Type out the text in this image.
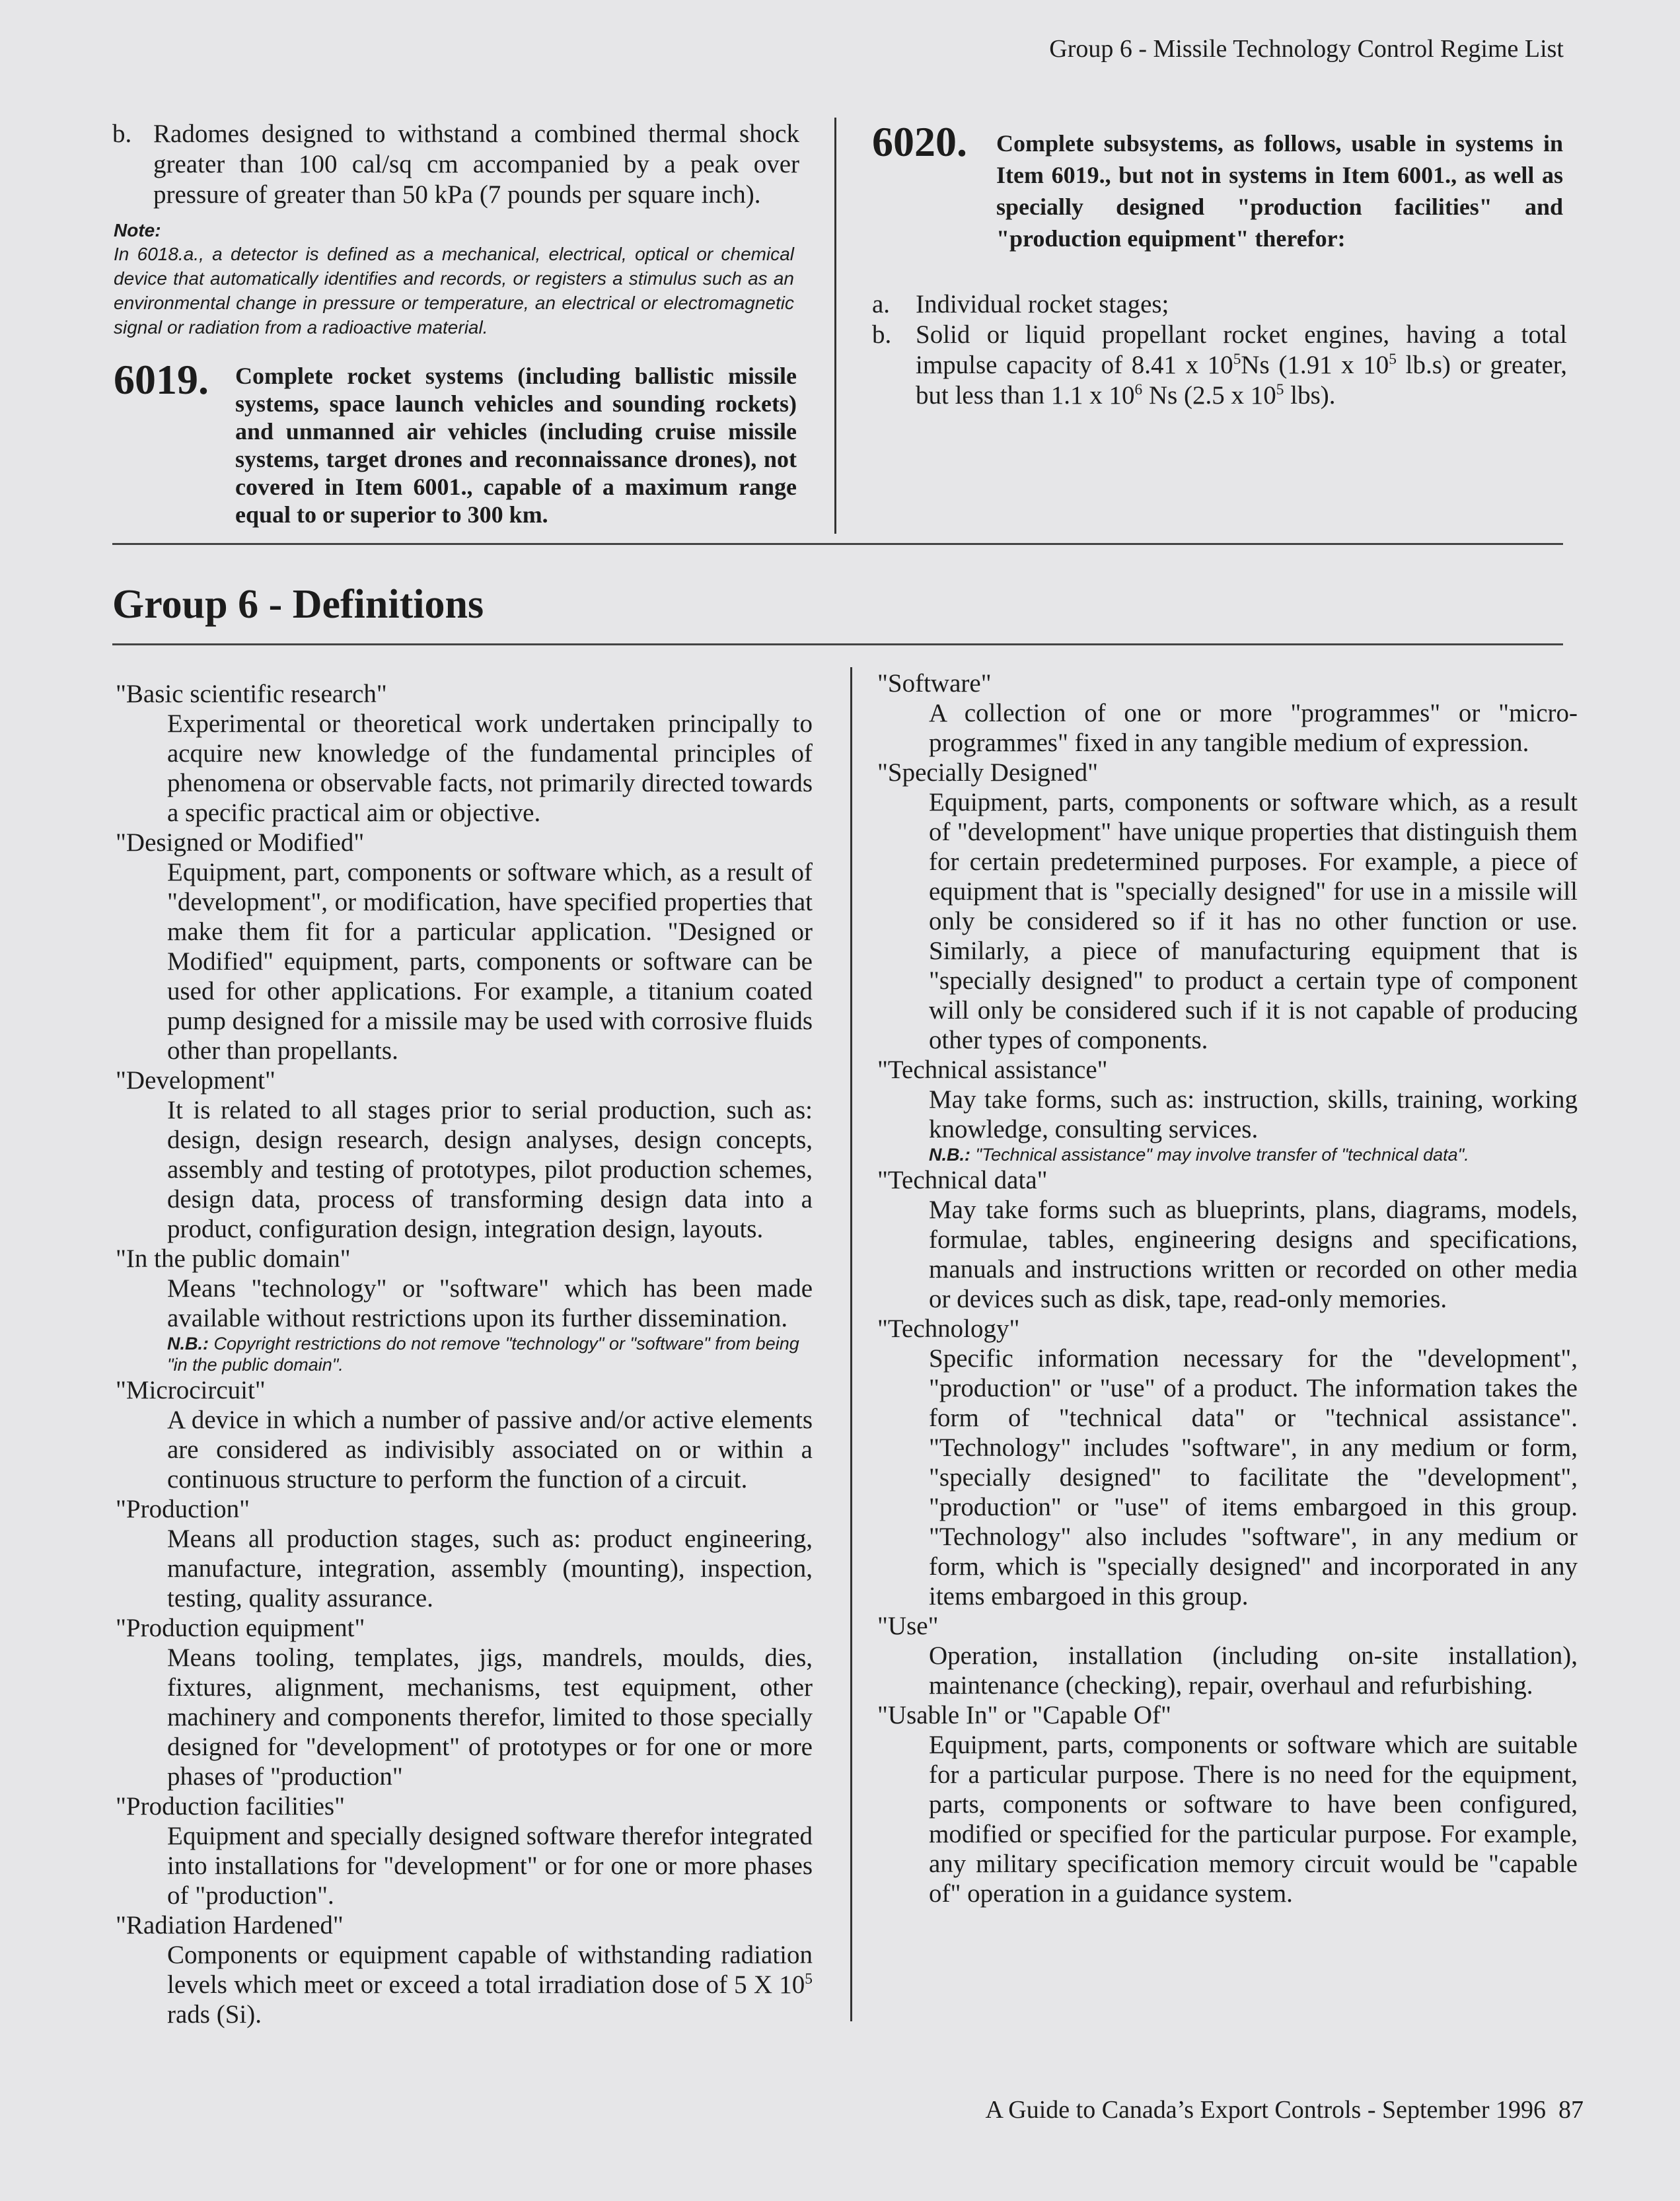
Group 6 - Missile Technology Control Regime List
b. Radomes designed to withstand a combined thermal shock greater than 100 cal/sq cm accompanied by a peak over pressure of greater than 50 kPa (7 pounds per square inch).
Note:
In 6018.a., a detector is defined as a mechanical, electrical, optical or chemical device that automatically identifies and records, or registers a stimulus such as an environmental change in pressure or temperature, an electrical or electromagnetic signal or radiation from a radioactive material.
6019. Complete rocket systems (including ballistic missile systems, space launch vehicles and sounding rockets) and unmanned air vehicles (including cruise missile systems, target drones and reconnaissance drones), not covered in Item 6001., capable of a maximum range equal to or superior to 300 km.
6020. Complete subsystems, as follows, usable in systems in Item 6019., but not in systems in Item 6001., as well as specially designed "production facilities" and "production equipment" therefor:
a. Individual rocket stages;
b. Solid or liquid propellant rocket engines, having a total impulse capacity of 8.41 x $10^5Ns$ (1.91 x $10^5$ lb.s) or greater, but less than 1.1 x $10^6$ Ns (2.5 x $10^5$ lbs).
Group 6 - Definitions
"Basic scientific research"
Experimental or theoretical work undertaken principally to acquire new knowledge of the fundamental principles of phenomena or observable facts, not primarily directed towards a specific practical aim or objective.
"Designed or Modified"
Equipment, part, components or software which, as a result of "development", or modification, have specified properties that make them fit for a particular application. "Designed or Modified" equipment, parts, components or software can be used for other applications. For example, a titanium coated pump designed for a missile may be used with corrosive fluids other than propellants.
"Development"
It is related to all stages prior to serial production, such as: design, design research, design analyses, design concepts, assembly and testing of prototypes, pilot production schemes, design data, process of transforming design data into a product, configuration design, integration design, layouts.
"In the public domain"
Means "technology" or "software" which has been made available without restrictions upon its further dissemination.
N.B.: Copyright restrictions do not remove "technology" or "software" from being "in the public domain".
"Microcircuit"
A device in which a number of passive and/or active elements are considered as indivisibly associated on or within a continuous structure to perform the function of a circuit.
"Production"
Means all production stages, such as: product engineering, manufacture, integration, assembly (mounting), inspection, testing, quality assurance.
"Production equipment"
Means tooling, templates, jigs, mandrels, moulds, dies, fixtures, alignment, mechanisms, test equipment, other machinery and components therefor, limited to those specially designed for "development" of prototypes or for one or more phases of "production"
"Production facilities"
Equipment and specially designed software therefor integrated into installations for "development" or for one or more phases of "production".
"Radiation Hardened"
Components or equipment capable of withstanding radiation levels which meet or exceed a total irradiation dose of 5 X $10^5$ rads (Si).
"Software"
A collection of one or more "programmes" or "micro-programmes" fixed in any tangible medium of expression.
"Specially Designed"
Equipment, parts, components or software which, as a result of "development" have unique properties that distinguish them for certain predetermined purposes. For example, a piece of equipment that is "specially designed" for use in a missile will only be considered so if it has no other function or use. Similarly, a piece of manufacturing equipment that is "specially designed" to product a certain type of component will only be considered such if it is not capable of producing other types of components.
"Technical assistance"
May take forms, such as: instruction, skills, training, working knowledge, consulting services.
N.B.: "Technical assistance" may involve transfer of "technical data".
"Technical data"
May take forms such as blueprints, plans, diagrams, models, formulae, tables, engineering designs and specifications, manuals and instructions written or recorded on other media or devices such as disk, tape, read-only memories.
"Technology"
Specific information necessary for the "development", "production" or "use" of a product. The information takes the form of "technical data" or "technical assistance". "Technology" includes "software", in any medium or form, "specially designed" to facilitate the "development", "production" or "use" of items embargoed in this group. "Technology" also includes "software", in any medium or form, which is "specially designed" and incorporated in any items embargoed in this group.
"Use"
Operation, installation (including on-site installation), maintenance (checking), repair, overhaul and refurbishing.
"Usable In" or "Capable Of"
Equipment, parts, components or software which are suitable for a particular purpose. There is no need for the equipment, parts, components or software to have been configured, modified or specified for the particular purpose. For example, any military specification memory circuit would be "capable of" operation in a guidance system.
A Guide to Canada’s Export Controls - September 1996 87
